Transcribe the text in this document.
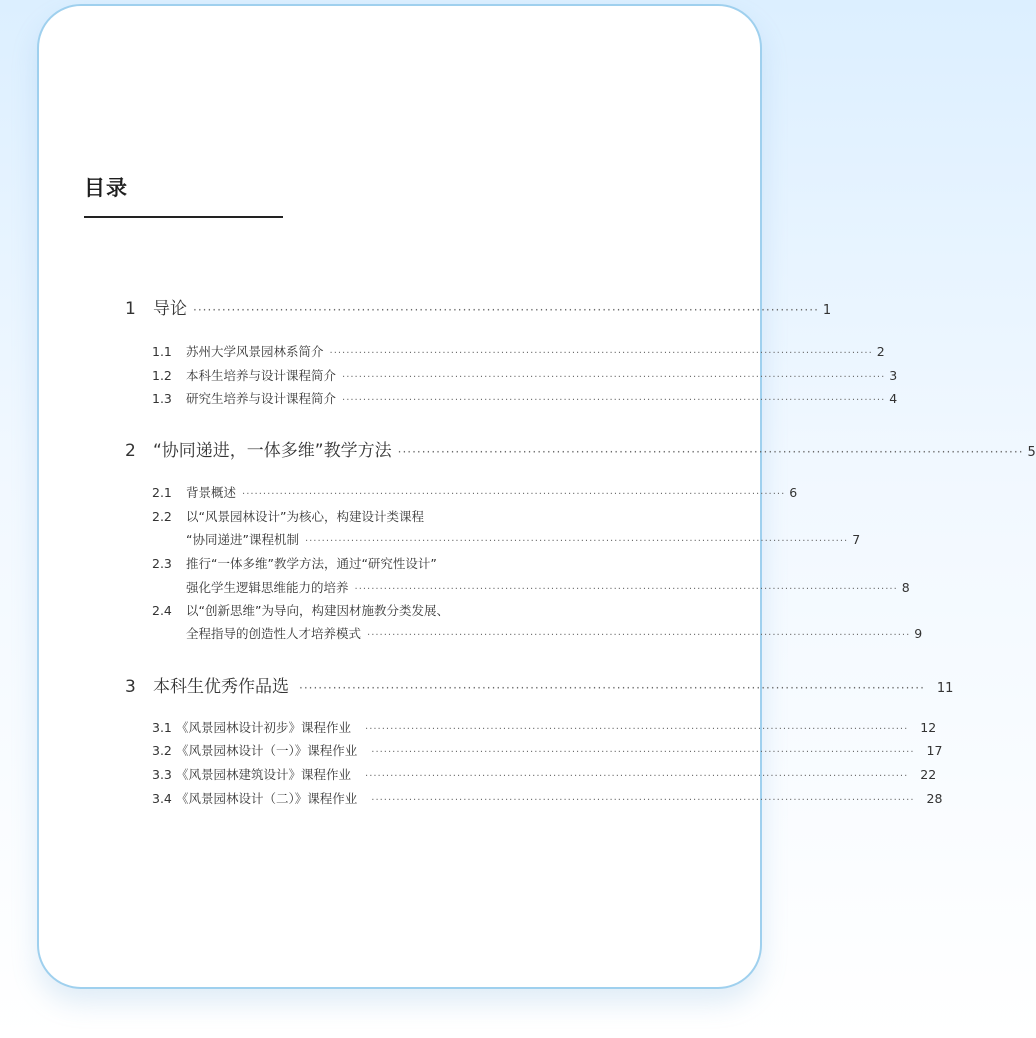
目录
1	导论 ·································································································································· 1
1.1	苏州大学风景园林系简介 ·································································································································· 2
1.2	本科生培养与设计课程简介 ·································································································································· 3
1.3	研究生培养与设计课程简介 ·································································································································· 4
2	“协同递进，一体多维”教学方法 ·································································································································· 5
2.1	背景概述 ·································································································································· 6
2.2 以“风景园林设计”为核心，构建设计类课程
“协同递进”课程机制 ·································································································································· 7
2.3 推行“一体多维”教学方法，通过“研究性设计”
强化学生逻辑思维能力的培养 ·································································································································· 8
2.4 以“创新思维”为导向，构建因材施教分类发展、
全程指导的创造性人才培养模式 ·································································································································· 9
3	本科生优秀作品选 ·································································································································· 11
3.1 《风景园林设计初步》课程作业 ·································································································································· 12
3.2 《风景园林设计（一）》课程作业 ·································································································································· 17
3.3 《风景园林建筑设计》课程作业 ·································································································································· 22
3.4 《风景园林设计（二）》课程作业 ·································································································································· 28
